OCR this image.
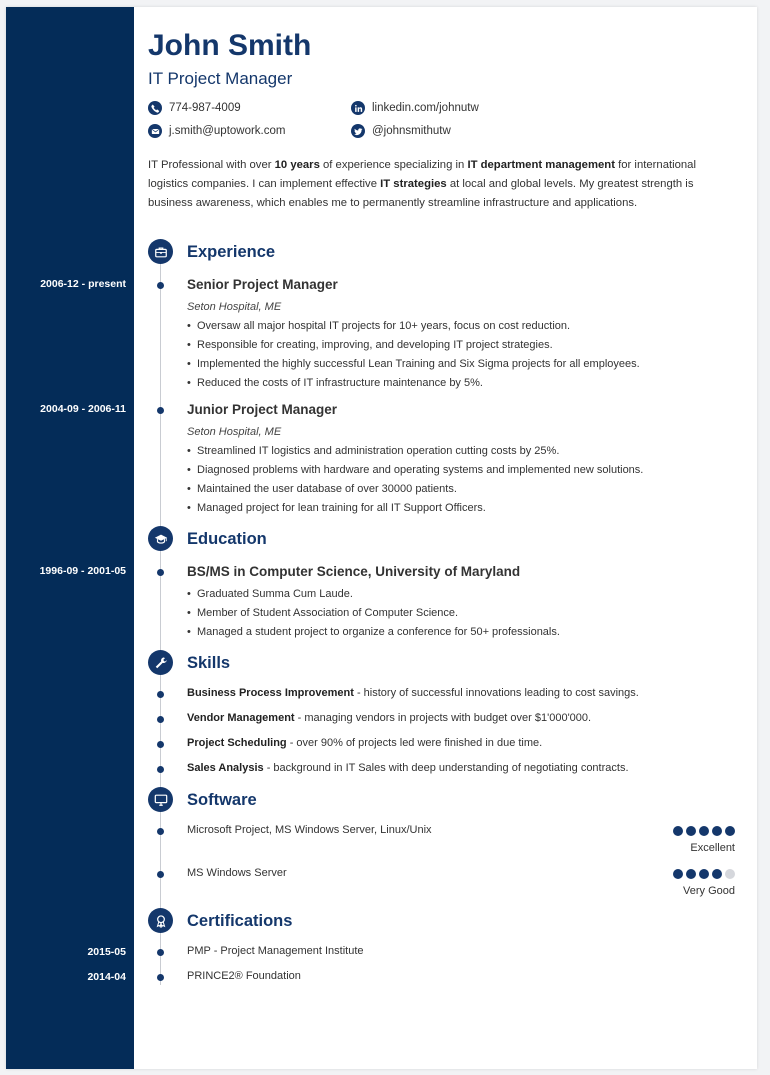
John Smith
IT Project Manager
774-987-4009	linkedin.com/johnutw
j.smith@uptowork.com	@johnsmithutw

IT Professional with over 10 years of experience specializing in IT department management for international logistics companies. I can implement effective IT strategies at local and global levels. My greatest strength is business awareness, which enables me to permanently streamline infrastructure and applications.

Experience
2006-12 - present	Senior Project Manager
Seton Hospital, ME
• Oversaw all major hospital IT projects for 10+ years, focus on cost reduction.
• Responsible for creating, improving, and developing IT project strategies.
• Implemented the highly successful Lean Training and Six Sigma projects for all employees.
• Reduced the costs of IT infrastructure maintenance by 5%.
2004-09 - 2006-11	Junior Project Manager
Seton Hospital, ME
• Streamlined IT logistics and administration operation cutting costs by 25%.
• Diagnosed problems with hardware and operating systems and implemented new solutions.
• Maintained the user database of over 30000 patients.
• Managed project for lean training for all IT Support Officers.
Education
1996-09 - 2001-05	BS/MS in Computer Science, University of Maryland
• Graduated Summa Cum Laude.
• Member of Student Association of Computer Science.
• Managed a student project to organize a conference for 50+ professionals.
Skills
Business Process Improvement - history of successful innovations leading to cost savings.
Vendor Management - managing vendors in projects with budget over $1'000'000.
Project Scheduling - over 90% of projects led were finished in due time.
Sales Analysis - background in IT Sales with deep understanding of negotiating contracts.
Software
Microsoft Project, MS Windows Server, Linux/Unix
Excellent
MS Windows Server
Very Good
Certifications
2015-05	PMP - Project Management Institute
2014-04	PRINCE2® Foundation
